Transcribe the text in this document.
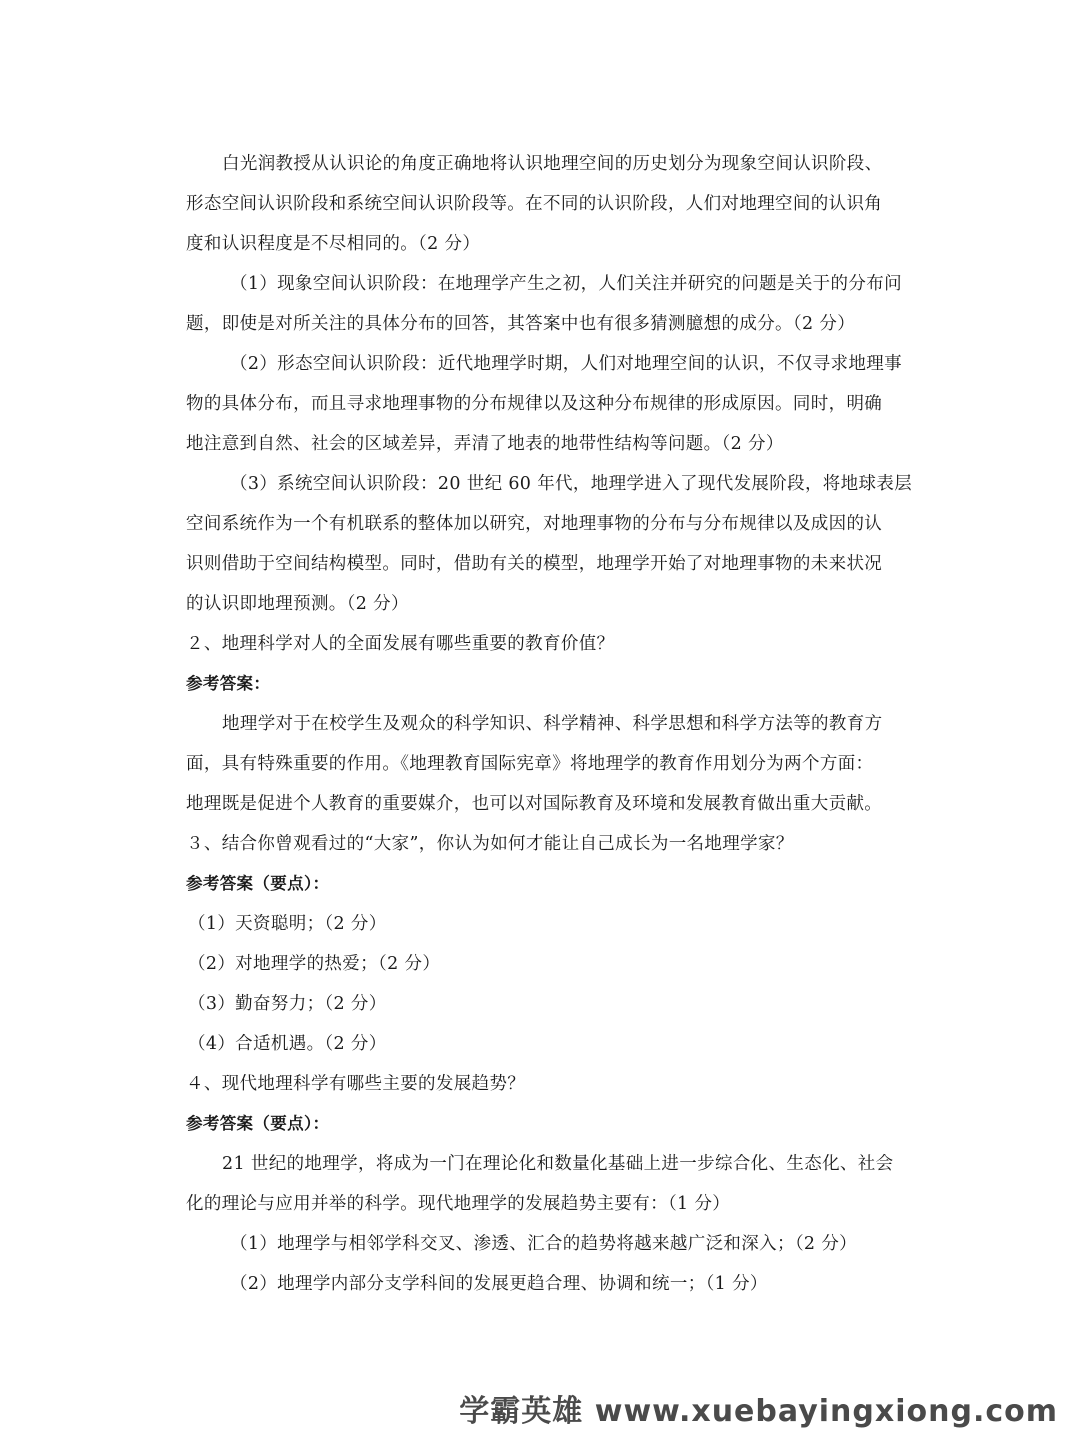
白光润教授从认识论的角度正确地将认识地理空间的历史划分为现象空间认识阶段、
形态空间认识阶段和系统空间认识阶段等。在不同的认识阶段，人们对地理空间的认识角
度和认识程度是不尽相同的。（2 分）
（1）现象空间认识阶段：在地理学产生之初，人们关注并研究的问题是关于的分布问
题，即使是对所关注的具体分布的回答，其答案中也有很多猜测臆想的成分。（2 分）
（2）形态空间认识阶段：近代地理学时期，人们对地理空间的认识，不仅寻求地理事
物的具体分布，而且寻求地理事物的分布规律以及这种分布规律的形成原因。同时，明确
地注意到自然、社会的区域差异，弄清了地表的地带性结构等问题。（2 分）
（3）系统空间认识阶段：20 世纪 60 年代，地理学进入了现代发展阶段，将地球表层
空间系统作为一个有机联系的整体加以研究，对地理事物的分布与分布规律以及成因的认
识则借助于空间结构模型。同时，借助有关的模型，地理学开始了对地理事物的未来状况
的认识即地理预测。（2 分）
２、地理科学对人的全面发展有哪些重要的教育价值？
参考答案：
地理学对于在校学生及观众的科学知识、科学精神、科学思想和科学方法等的教育方
面，具有特殊重要的作用。《地理教育国际宪章》将地理学的教育作用划分为两个方面：
地理既是促进个人教育的重要媒介，也可以对国际教育及环境和发展教育做出重大贡献。
３、结合你曾观看过的“大家”，你认为如何才能让自己成长为一名地理学家？
参考答案（要点）：
（1）天资聪明；（2 分）
（2）对地理学的热爱；（2 分）
（3）勤奋努力；（2 分）
（4）合适机遇。（2 分）
４、现代地理科学有哪些主要的发展趋势？
参考答案（要点）：
21 世纪的地理学，将成为一门在理论化和数量化基础上进一步综合化、生态化、社会
化的理论与应用并举的科学。现代地理学的发展趋势主要有：（1 分）
（1）地理学与相邻学科交叉、渗透、汇合的趋势将越来越广泛和深入；（2 分）
（2）地理学内部分支学科间的发展更趋合理、协调和统一；（1 分）
学霸英雄 www.xuebayingxiong.com
